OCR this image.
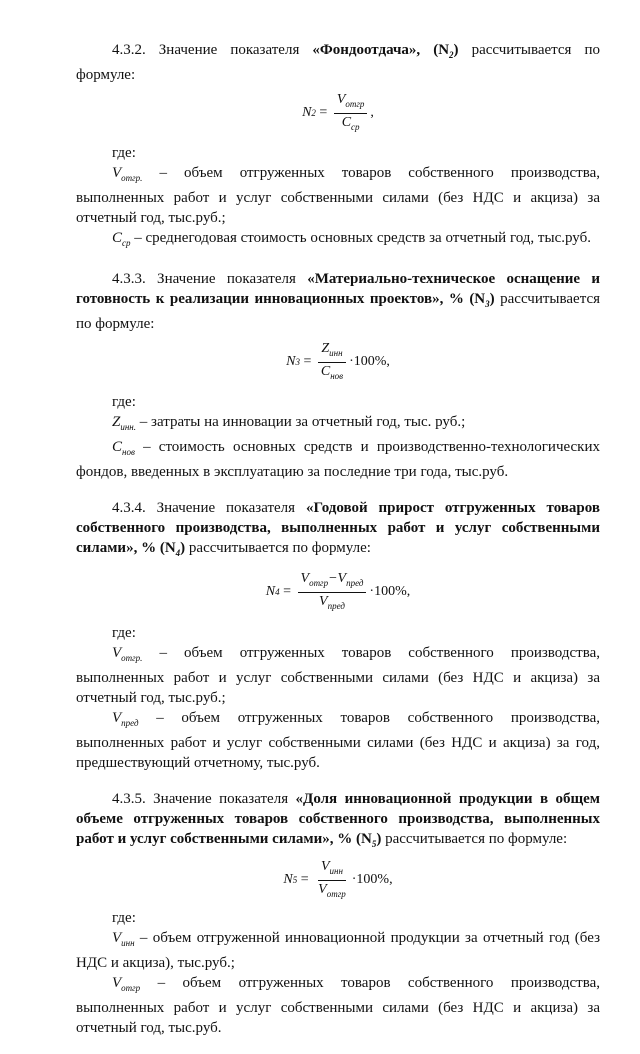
4.3.2. Значение показателя «Фондоотдача», $(N_2)$ рассчитывается по формуле:

N $2 = \frac{V_{отгр}}{C_{ср}}$ ,

где:

$V_{отгр.}$ – объем отгруженных товаров собственного производства, выполненных работ и услуг собственными силами (без НДС и акциза) за отчетный год, тыс.руб.;

$C_{ср}$ – среднегодовая стоимость основных средств за отчетный год, тыс.руб.

4.3.3. Значение показателя «Материально-техническое оснащение и готовность к реализации инновационных проектов», % $(N_3)$ рассчитывается по формуле:

N $3 = \frac{Z_{инн}}{C_{нов}} \cdot 100\%$ ,

где:

$Z_{инн.}$ – затраты на инновации за отчетный год, тыс. руб.;

$C_{нов}$ – стоимость основных средств и производственно-технологических фондов, введенных в эксплуатацию за последние три года, тыс.руб.

4.3.4. Значение показателя «Годовой прирост отгруженных товаров собственного производства, выполненных работ и услуг собственными силами», % $(N_4)$ рассчитывается по формуле:

N $4 = \frac{V_{отгр}-V_{пред}}{V_{пред}} \cdot 100\%$ ,

где:

$V_{отгр.}$ – объем отгруженных товаров собственного производства, выполненных работ и услуг собственными силами (без НДС и акциза) за отчетный год, тыс.руб.;

$V_{пред}$ – объем отгруженных товаров собственного производства, выполненных работ и услуг собственными силами (без НДС и акциза) за год, предшествующий отчетному, тыс.руб.

4.3.5. Значение показателя «Доля инновационной продукции в общем объеме отгруженных товаров собственного производства, выполненных работ и услуг собственными силами», % $(N_5)$ рассчитывается по формуле:

N $5 = \frac{V_{инн}}{V_{отгр}} \cdot 100\%$ ,

где:

$V_{инн}$ – объем отгруженной инновационной продукции за отчетный год (без НДС и акциза), тыс.руб.;

$V_{отгр}$ – объем отгруженных товаров собственного производства, выполненных работ и услуг собственными силами (без НДС и акциза) за отчетный год, тыс.руб.
